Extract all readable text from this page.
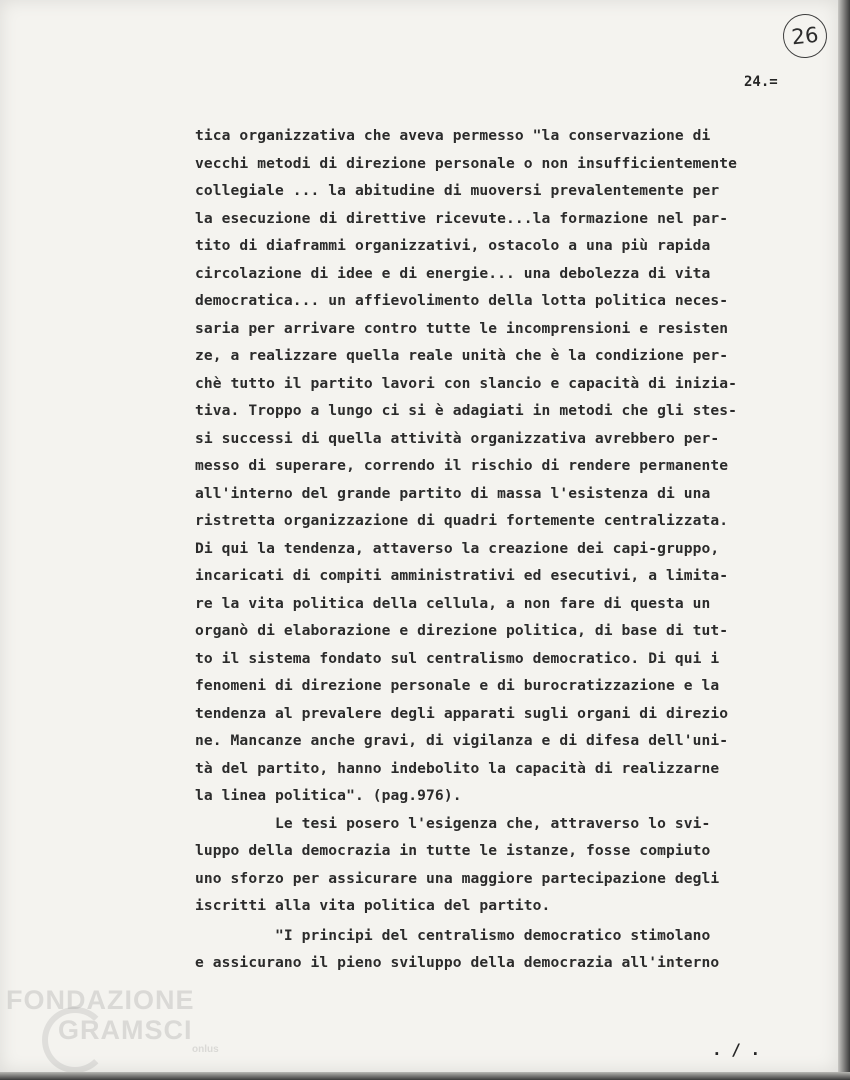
26
24.=
tica organizzativa che aveva permesso "la conservazione di
vecchi metodi di direzione personale o non insufficientemente
collegiale ... la abitudine di muoversi prevalentemente per
la esecuzione di direttive ricevute...la formazione nel par-
tito di diaframmi organizzativi, ostacolo a una più rapida
circolazione di idee e di energie... una debolezza di vita
democratica... un affievolimento della lotta politica neces-
saria per arrivare contro tutte le incomprensioni e resisten
ze, a realizzare quella reale unità che è la condizione per-
chè tutto il partito lavori con slancio e capacità di inizia-
tiva. Troppo a lungo ci si è adagiati in metodi che gli stes-
si successi di quella attività organizzativa avrebbero per-
messo di superare, correndo il rischio di rendere permanente
all'interno del grande partito di massa l'esistenza di una
ristretta organizzazione di quadri fortemente centralizzata.
Di qui la tendenza, attaverso la creazione dei capi-gruppo,
incaricati di compiti amministrativi ed esecutivi, a limita-
re la vita politica della cellula, a non fare di questa un
organò di elaborazione e direzione politica, di base di tut-
to il sistema fondato sul centralismo democratico. Di qui i
fenomeni di direzione personale e di burocratizzazione e la
tendenza al prevalere degli apparati sugli organi di direzio
ne. Mancanze anche gravi, di vigilanza e di difesa dell'uni-
tà del partito, hanno indebolito la capacità di realizzarne
la linea politica". (pag.976).
Le tesi posero l'esigenza che, attraverso lo svi-
luppo della democrazia in tutte le istanze, fosse compiuto
uno sforzo per assicurare una maggiore partecipazione degli
iscritti alla vita politica del partito.
"I principi del centralismo democratico stimolano
e assicurano il pieno sviluppo della democrazia all'interno
FONDAZIONE
GRAMSCI
onlus	. / .
